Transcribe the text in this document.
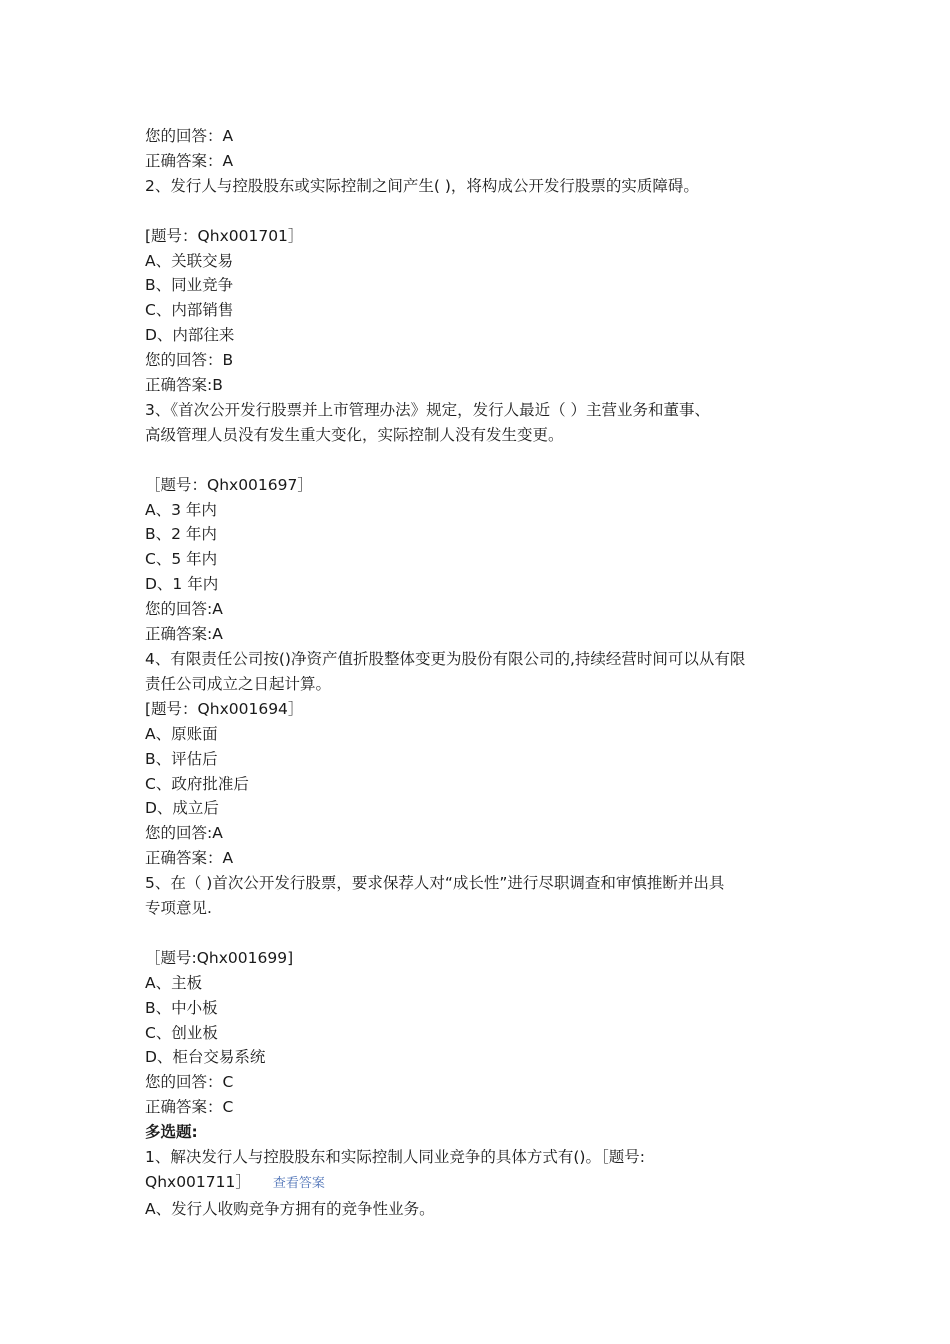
您的回答：A
正确答案：A
2、发行人与控股股东或实际控制之间产生( )，将构成公开发行股票的实质障碍。
[题号：Qhx001701］
A、关联交易
B、同业竞争
C、内部销售
D、内部往来
您的回答：B
正确答案:B
3、《首次公开发行股票并上市管理办法》规定，发行人最近（ ）主营业务和董事、
高级管理人员没有发生重大变化，实际控制人没有发生变更。
［题号：Qhx001697］
A、3 年内
B、2 年内
C、5 年内
D、1 年内
您的回答:A
正确答案:A
4、有限责任公司按()净资产值折股整体变更为股份有限公司的,持续经营时间可以从有限
责任公司成立之日起计算。
[题号：Qhx001694］
A、原账面
B、评估后
C、政府批准后
D、成立后
您的回答:A
正确答案：A
5、在（ )首次公开发行股票，要求保荐人对“成长性”进行尽职调查和审慎推断并出具
专项意见.
［题号:Qhx001699]
A、主板
B、中小板
C、创业板
D、柜台交易系统
您的回答：C
正确答案：C
多选题:
1、解决发行人与控股股东和实际控制人同业竞争的具体方式有()。［题号:
Qhx001711］ 查看答案
A、发行人收购竞争方拥有的竞争性业务。
